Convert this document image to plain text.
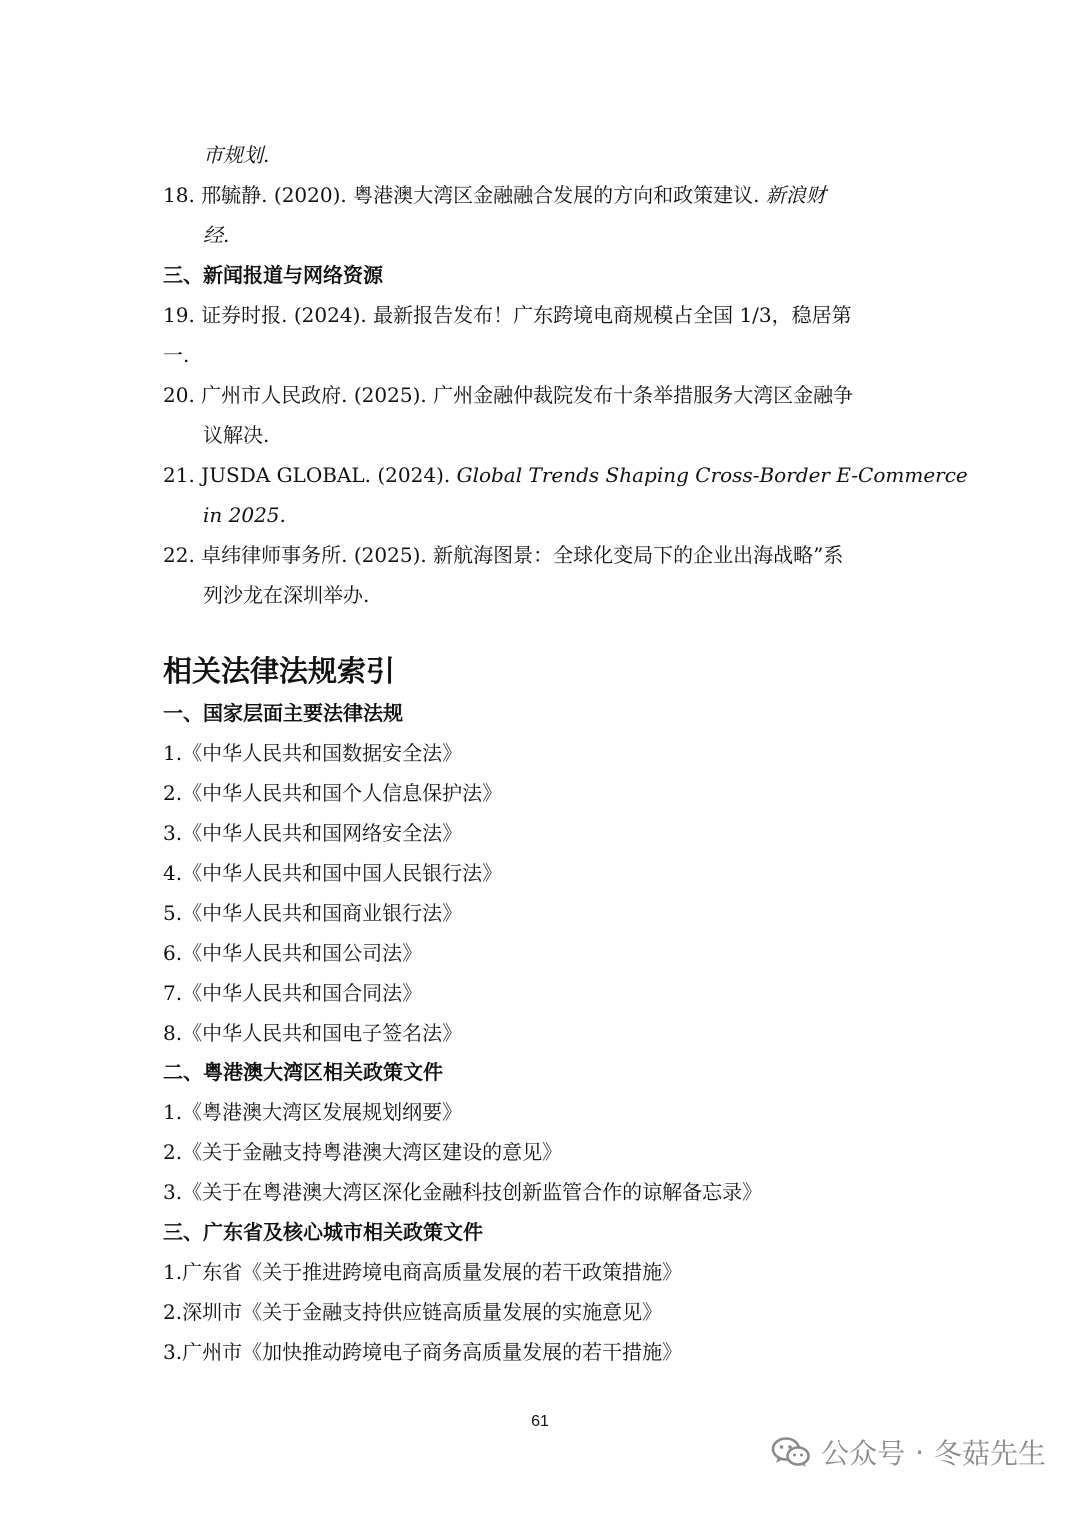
市规划.
18. 邢毓静. (2020). 粤港澳大湾区金融融合发展的方向和政策建议. 新浪财
经.
三、新闻报道与网络资源
19. 证券时报. (2024). 最新报告发布！广东跨境电商规模占全国 1/3，稳居第
一.
20. 广州市人民政府. (2025). 广州金融仲裁院发布十条举措服务大湾区金融争
议解决.
21. JUSDA GLOBAL. (2024). Global Trends Shaping Cross-Border E-Commerce
in 2025.
22. 卓纬律师事务所. (2025). 新航海图景：全球化变局下的企业出海战略”系
列沙龙在深圳举办.
相关法律法规索引
一、国家层面主要法律法规
1.《中华人民共和国数据安全法》
2.《中华人民共和国个人信息保护法》
3.《中华人民共和国网络安全法》
4.《中华人民共和国中国人民银行法》
5.《中华人民共和国商业银行法》
6.《中华人民共和国公司法》
7.《中华人民共和国合同法》
8.《中华人民共和国电子签名法》
二、粤港澳大湾区相关政策文件
1.《粤港澳大湾区发展规划纲要》
2.《关于金融支持粤港澳大湾区建设的意见》
3.《关于在粤港澳大湾区深化金融科技创新监管合作的谅解备忘录》
三、广东省及核心城市相关政策文件
1.广东省《关于推进跨境电商高质量发展的若干政策措施》
2.深圳市《关于金融支持供应链高质量发展的实施意见》
3.广州市《加快推动跨境电子商务高质量发展的若干措施》
61
公众号 · 冬菇先生
